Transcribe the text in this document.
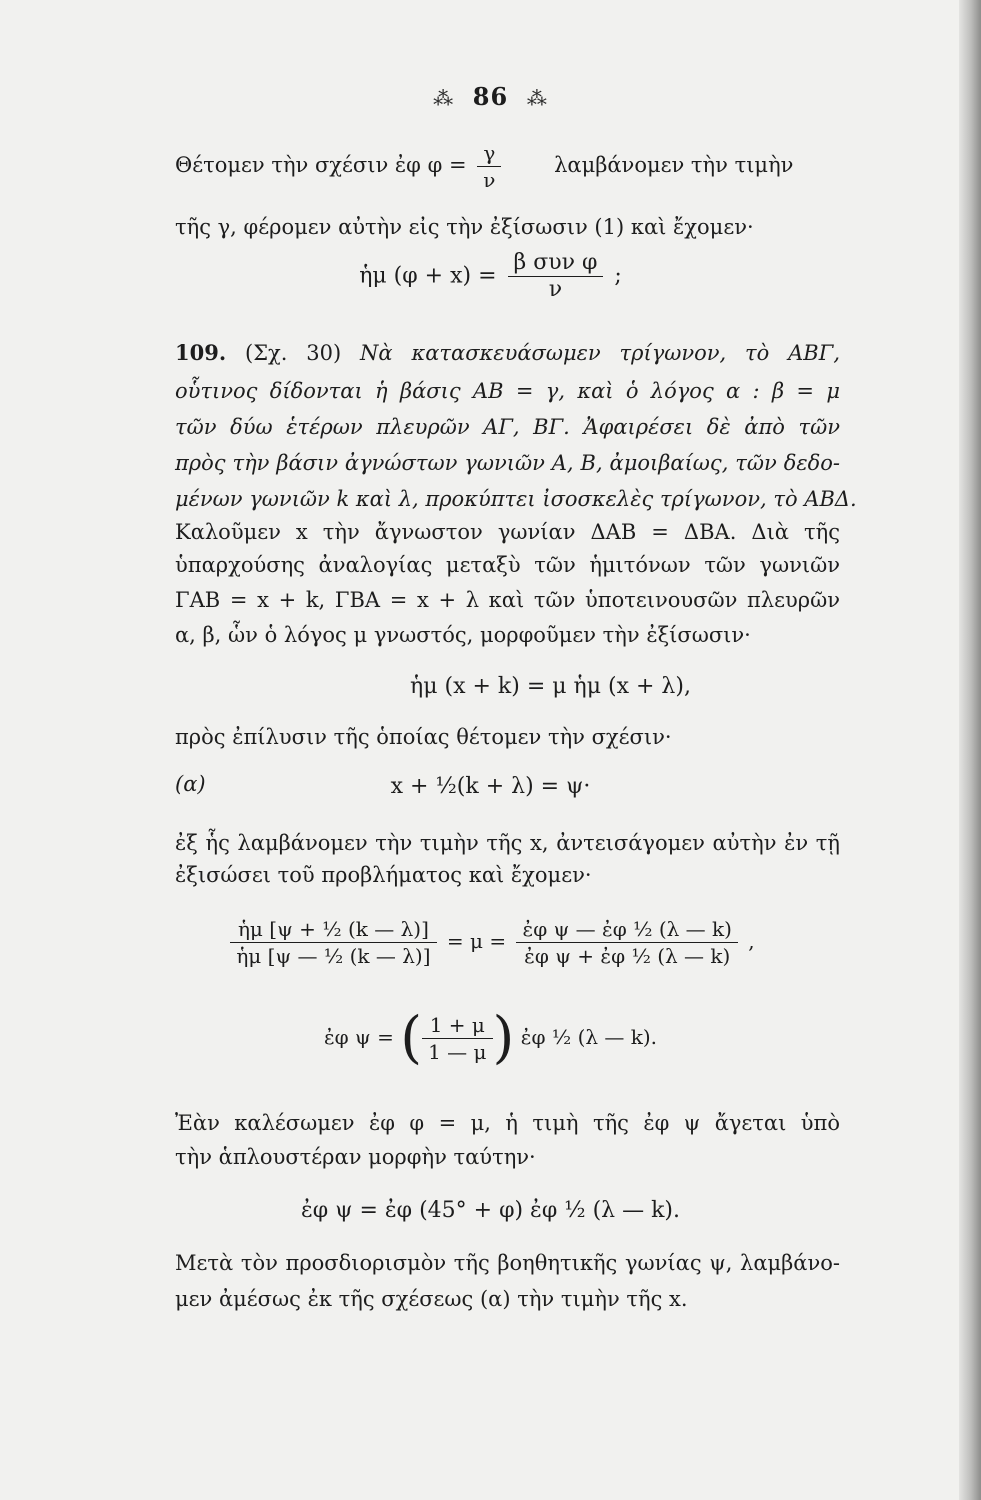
⁂ 86 ⁂
Θέτομεν τὴν σχέσιν ἐφ $\varphi = \frac{\gamma}{\nu}$	λαμβάνομεν τὴν τιμὴν
τῆς γ, φέρομεν αὐτὴν εἰς τὴν ἐξίσωσιν (1) καὶ ἔχομεν·
ἡμ $(\varphi + x) = \frac{\text{β συν φ}}{\nu}$ ;
109. (Σχ. 30) Νὰ κατασκευάσωμεν τρίγωνον, τὸ ΑΒΓ,
οὗτινος δίδονται ἡ βάσις ΑΒ = γ, καὶ ὁ λόγος α : β = μ
τῶν δύω ἑτέρων πλευρῶν ΑΓ, ΒΓ. Ἀφαιρέσει δὲ ἀπὸ τῶν
πρὸς τὴν βάσιν ἀγνώστων γωνιῶν Α, Β, ἀμοιβαίως, τῶν δεδο-
μένων γωνιῶν k καὶ λ, προκύπτει ἰσοσκελὲς τρίγωνον, τὸ ΑΒΔ.
Καλοῦμεν x τὴν ἄγνωστον γωνίαν ΔΑΒ = ΔΒΑ. Διὰ τῆς
ὑπαρχούσης ἀναλογίας μεταξὺ τῶν ἡμιτόνων τῶν γωνιῶν
ΓΑΒ = x + k, ΓΒΑ = x + λ καὶ τῶν ὑποτεινουσῶν πλευρῶν
α, β, ὧν ὁ λόγος μ γνωστός, μορφοῦμεν τὴν ἐξίσωσιν·
ἡμ (x + k) = μ ἡμ (x + λ),
πρὸς ἐπίλυσιν τῆς ὁποίας θέτομεν τὴν σχέσιν·
(α)	x + ½(k + λ) = ψ·
ἐξ ἧς λαμβάνομεν τὴν τιμὴν τῆς x, ἀντεισάγομεν αὐτὴν ἐν τῇ
ἐξισώσει τοῦ προβλήματος καὶ ἔχομεν·
$\frac{\text{ἡμ [ψ + ½ (k — λ)]}}{\text{ἡμ [ψ — ½ (k — λ)]}} = \mu = \frac{\text{ἐφ ψ — ἐφ ½ (λ — k)}}{\text{ἐφ ψ + ἐφ ½ (λ — k)}}$ ,
ἐφ ψ = ( $\frac{1 + \mu}{1 — \mu}$ ) ἐφ ½ (λ — k).
Ἐὰν καλέσωμεν ἐφ φ = μ, ἡ τιμὴ τῆς ἐφ ψ ἄγεται ὑπὸ
τὴν ἁπλουστέραν μορφὴν ταύτην·
ἐφ ψ = ἐφ (45° + φ) ἐφ ½ (λ — k).
Μετὰ τὸν προσδιορισμὸν τῆς βοηθητικῆς γωνίας ψ, λαμβάνο-
μεν ἀμέσως ἐκ τῆς σχέσεως (α) τὴν τιμὴν τῆς x.
